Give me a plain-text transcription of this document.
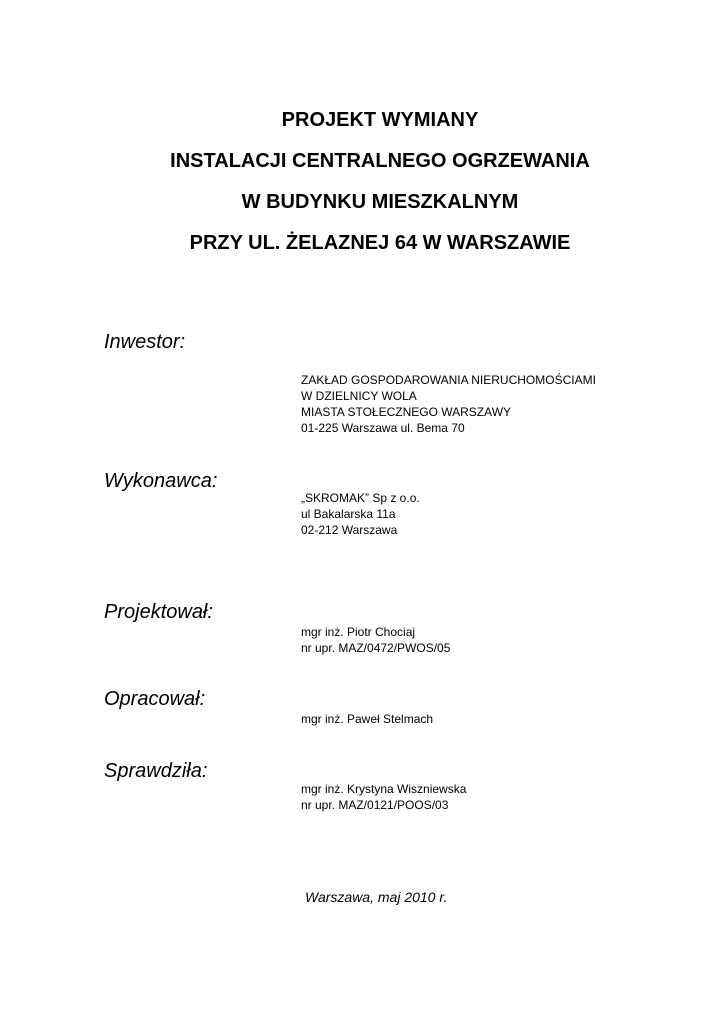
PROJEKT WYMIANY
INSTALACJI CENTRALNEGO OGRZEWANIA
W BUDYNKU MIESZKALNYM
PRZY UL. ŻELAZNEJ 64 W WARSZAWIE
Inwestor:
ZAKŁAD GOSPODAROWANIA NIERUCHOMOŚCIAMI
W DZIELNICY WOLA
MIASTA STOŁECZNEGO WARSZAWY
01-225 Warszawa ul. Bema 70
Wykonawca:
„SKROMAK” Sp z o.o.
ul Bakalarska 11a
02-212 Warszawa
Projektował:
mgr inż. Piotr Chociaj
nr upr. MAZ/0472/PWOS/05
Opracował:
mgr inż. Paweł Stelmach
Sprawdziła:
mgr inż. Krystyna Wiszniewska
nr upr. MAZ/0121/POOS/03
Warszawa, maj 2010 r.
